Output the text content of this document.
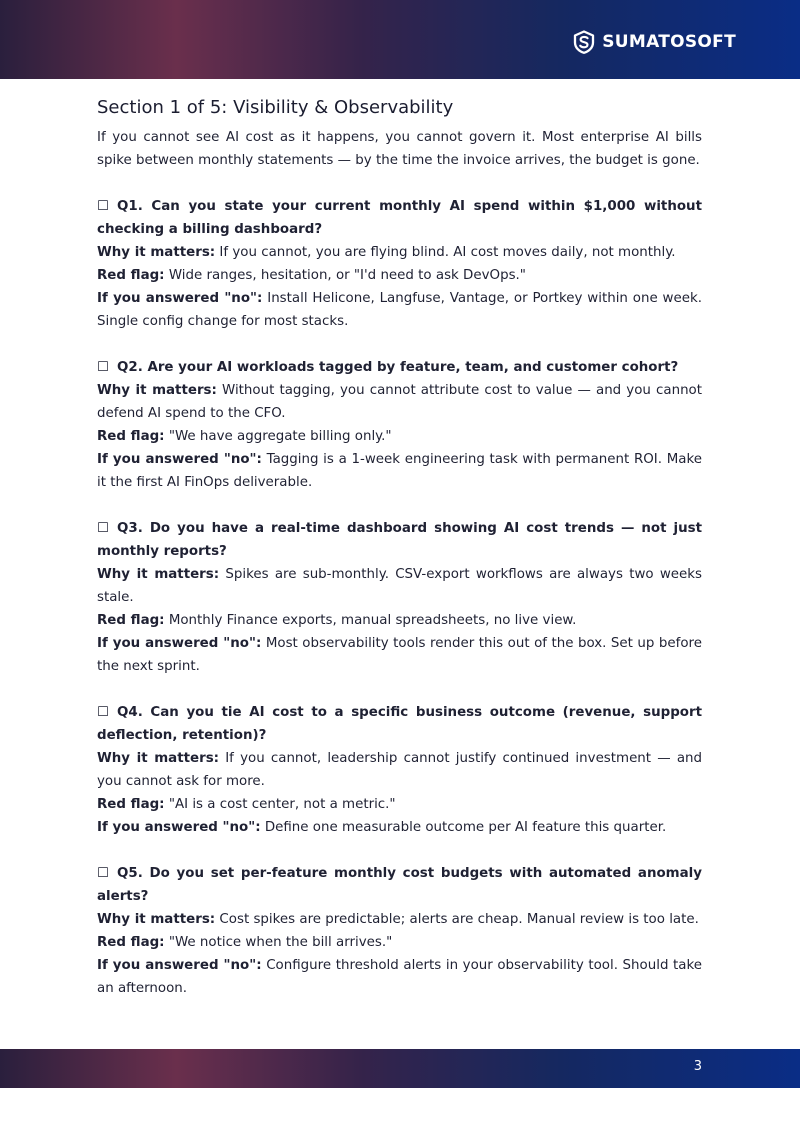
SUMATOSOFT
Section 1 of 5: Visibility & Observability

If you cannot see AI cost as it happens, you cannot govern it. Most enterprise AI bills spike between monthly statements — by the time the invoice arrives, the budget is gone.

☐ Q1. Can you state your current monthly AI spend within $1,000 without checking a billing dashboard?

Why it matters: If you cannot, you are flying blind. AI cost moves daily, not monthly.

Red flag: Wide ranges, hesitation, or "I'd need to ask DevOps."

If you answered "no": Install Helicone, Langfuse, Vantage, or Portkey within one week. Single config change for most stacks.

☐ Q2. Are your AI workloads tagged by feature, team, and customer cohort?

Why it matters: Without tagging, you cannot attribute cost to value — and you cannot defend AI spend to the CFO.

Red flag: "We have aggregate billing only."

If you answered "no": Tagging is a 1-week engineering task with permanent ROI. Make it the first AI FinOps deliverable.

☐ Q3. Do you have a real-time dashboard showing AI cost trends — not just monthly reports?

Why it matters: Spikes are sub-monthly. CSV-export workflows are always two weeks stale.

Red flag: Monthly Finance exports, manual spreadsheets, no live view.

If you answered "no": Most observability tools render this out of the box. Set up before the next sprint.

☐ Q4. Can you tie AI cost to a specific business outcome (revenue, support deflection, retention)?

Why it matters: If you cannot, leadership cannot justify continued investment — and you cannot ask for more.

Red flag: "AI is a cost center, not a metric."

If you answered "no": Define one measurable outcome per AI feature this quarter.

☐ Q5. Do you set per-feature monthly cost budgets with automated anomaly alerts?

Why it matters: Cost spikes are predictable; alerts are cheap. Manual review is too late.

Red flag: "We notice when the bill arrives."

If you answered "no": Configure threshold alerts in your observability tool. Should take an afternoon.

3
